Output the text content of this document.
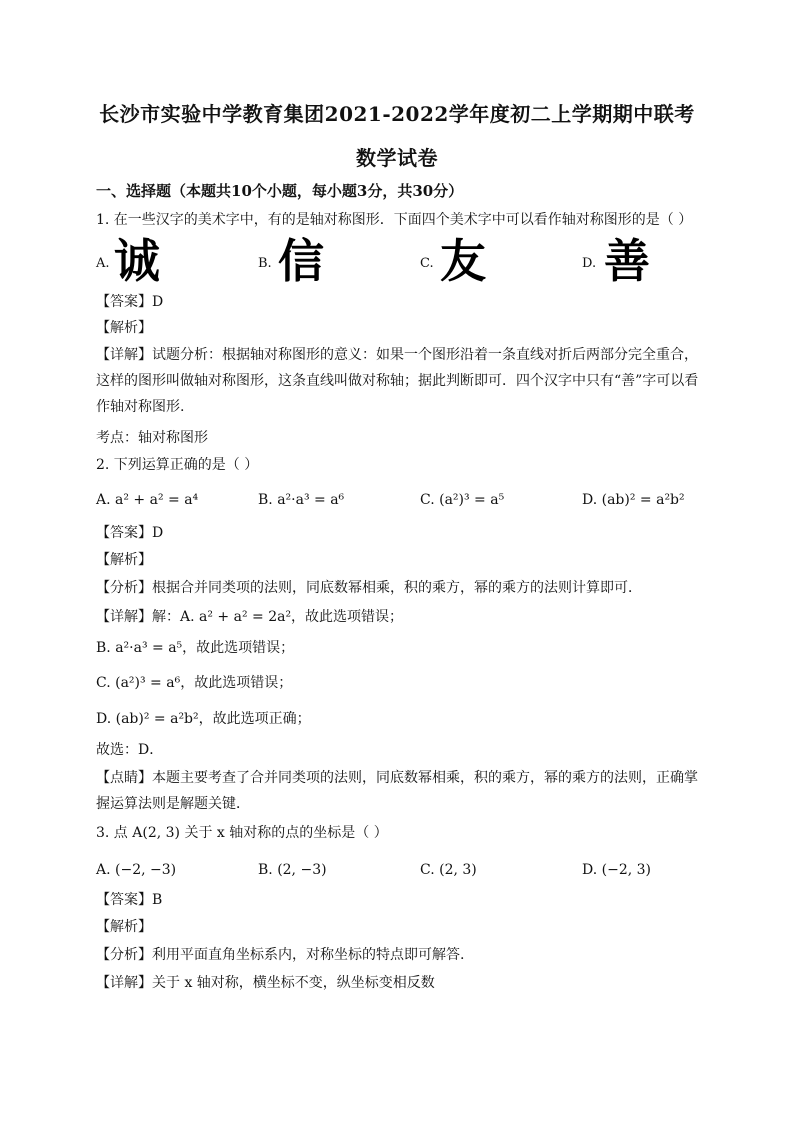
长沙市实验中学教育集团2021-2022学年度初二上学期期中联考
数学试卷
一、选择题（本题共10个小题，每小题3分，共30分）
1. 在一些汉字的美术字中，有的是轴对称图形．下面四个美术字中可以看作轴对称图形的是（ ）
A. 诚	B. 信	C. 友	D. 善
【答案】D
【解析】
【详解】试题分析：根据轴对称图形的意义：如果一个图形沿着一条直线对折后两部分完全重合，这样的图形叫做轴对称图形，这条直线叫做对称轴；据此判断即可．四个汉字中只有“善”字可以看作轴对称图形.
考点：轴对称图形
2. 下列运算正确的是（ ）
A. a² + a² = a⁴	B. a²·a³ = a⁶	C. (a²)³ = a⁵	D. (ab)² = a²b²
【答案】D
【解析】
【分析】根据合并同类项的法则，同底数幂相乘，积的乘方，幂的乘方的法则计算即可．
【详解】解：A. a² + a² = 2a²，故此选项错误；
B. a²·a³ = a⁵，故此选项错误；
C. (a²)³ = a⁶，故此选项错误；
D. (ab)² = a²b²，故此选项正确；
故选：D．
【点睛】本题主要考查了合并同类项的法则，同底数幂相乘，积的乘方，幂的乘方的法则，正确掌握运算法则是解题关键．
3. 点 A(2, 3) 关于 x 轴对称的点的坐标是（ ）
A. (−2, −3)	B. (2, −3)	C. (2, 3)	D. (−2, 3)
【答案】B
【解析】
【分析】利用平面直角坐标系内，对称坐标的特点即可解答.
【详解】关于 x 轴对称，横坐标不变，纵坐标变相反数
